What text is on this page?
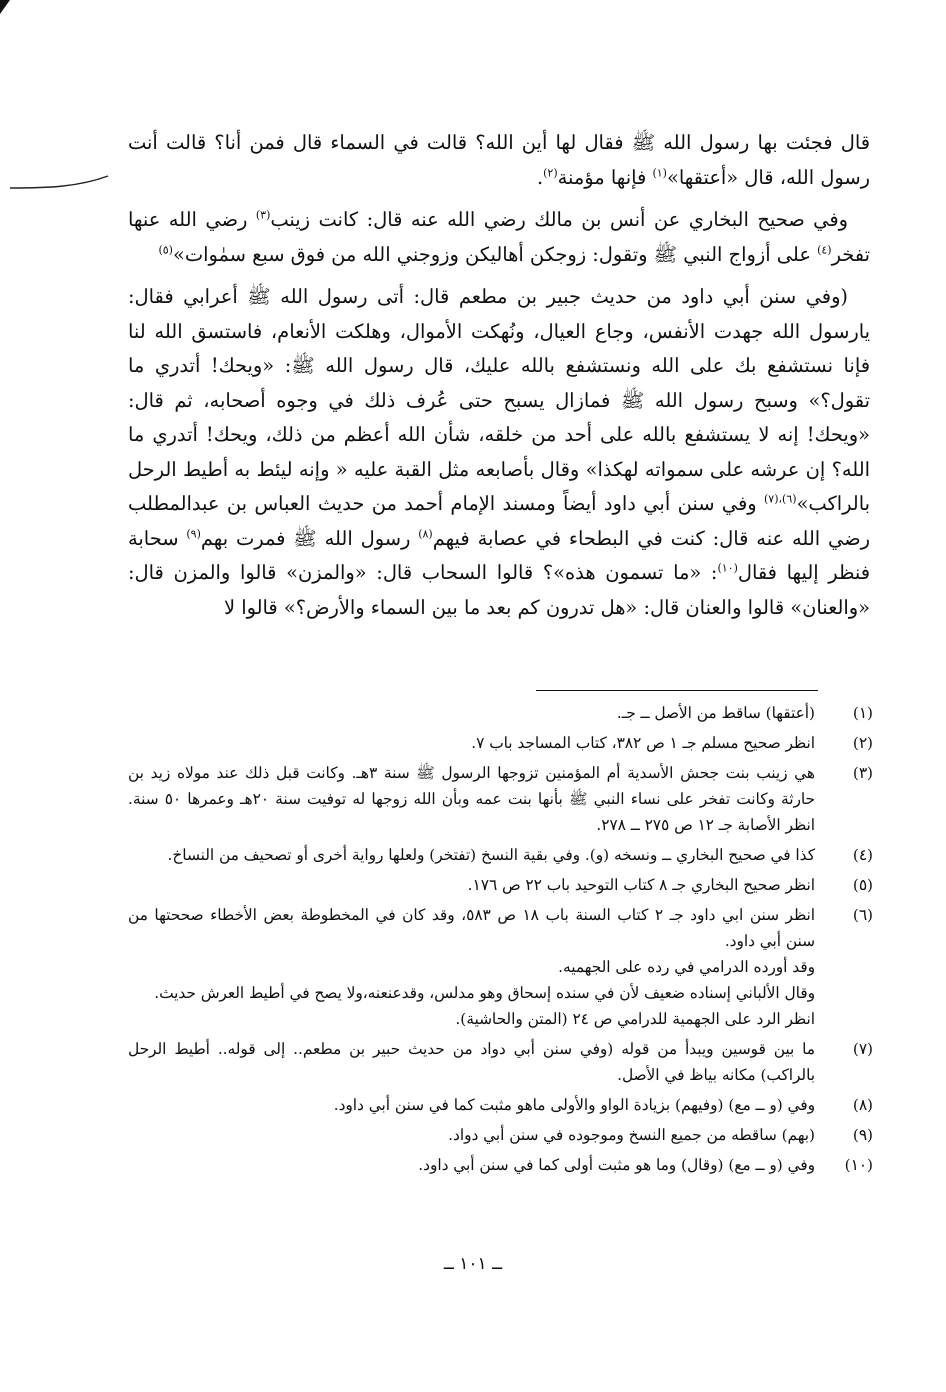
قال فجئت بها رسول الله ﷺ فقال لها أين الله؟ قالت في السماء قال فمن أنا؟ قالت أنت رسول الله، قال «أعتقها»$^{(١)}$ فإنها مؤمنة$^{(٢)}$.

وفي صحيح البخاري عن أنس بن مالك رضي الله عنه قال: كانت زينب$^{(٣)}$ رضي الله عنها تفخر$^{(٤)}$ على أزواج النبي ﷺ وتقول: زوجكن أهاليكن وزوجني الله من فوق سبع سمٰوات»$^{(٥)}$

(وفي سنن أبي داود من حديث جبير بن مطعم قال: أتى رسول الله ﷺ أعرابي فقال: يارسول الله جهدت الأنفس، وجاع العيال، ونُهكت الأموال، وهلكت الأنعام، فاستسق الله لنا فإنا نستشفع بك على الله ونستشفع بالله عليك، قال رسول الله ﷺ: «ويحك! أتدري ما تقول؟» وسبح رسول الله ﷺ فمازال يسبح حتى عُرف ذلك في وجوه أصحابه، ثم قال: «ويحك! إنه لا يستشفع بالله على أحد من خلقه، شأن الله أعظم من ذلك، ويحك! أتدري ما الله؟ إن عرشه على سمواته لهكذا» وقال بأصابعه مثل القبة عليه « وإنه ليئط به أطيط الرحل بالراكب»$^{(٦)،(٧)}$ وفي سنن أبي داود أيضاً ومسند الإمام أحمد من حديث العباس بن عبدالمطلب رضي الله عنه قال: كنت في البطحاء في عصابة فيهم$^{(٨)}$ رسول الله ﷺ فمرت بهم$^{(٩)}$ سحابة فنظر إليها فقال$^{(١٠)}$: «ما تسمون هذه»؟ قالوا السحاب قال: «والمزن» قالوا والمزن قال: «والعنان» قالوا والعنان قال: «هل تدرون كم بعد ما بين السماء والأرض؟» قالوا لا

(١)
(أعتقها) ساقط من الأصل ــ جـ.
(٢)
انظر صحيح مسلم جـ ١ ص ٣٨٢، كتاب المساجد باب ٧.
(٣)
هي زينب بنت جحش الأسدية أم المؤمنين تزوجها الرسول ﷺ سنة ٣هـ. وكانت قبل ذلك عند مولاه زيد بن حارثة وكانت تفخر على نساء النبي ﷺ بأنها بنت عمه وبأن الله زوجها له توفيت سنة ٢٠هـ وعمرها ٥٠ سنة. انظر الأصابة جـ ١٢ ص ٢٧٥ ــ ٢٧٨.
(٤)
كذا في صحيح البخاري ــ ونسخه (و). وفي بقية النسخ (تفتخر) ولعلها رواية أخرى أو تصحيف من النساخ.
(٥)
انظر صحيح البخاري جـ ٨ كتاب التوحيد باب ٢٢ ص ١٧٦.
(٦)
انظر سنن ابي داود جـ ٢ كتاب السنة باب ١٨ ص ٥٨٣، وقد كان في المخطوطة بعض الأخطاء صححتها من سنن أبي داود.
وقد أورده الدرامي في رده على الجهميه.
وقال الألباني إسناده ضعيف لأن في سنده إسحاق وهو مدلس، وقدعنعنه،ولا يصح في أطيط العرش حديث.
انظر الرد على الجهمية للدرامي ص ٢٤ (المتن والحاشية).
(٧)
ما بين قوسين ويبدأ من قوله (وفي سنن أبي دواد من حديث حبير بن مطعم.. إلى قوله.. أطيط الرحل بالراكب) مكانه بياظ في الأصل.
(٨)
وفي (و ــ مع) (وفيهم) بزيادة الواو والأولى ماهو مثبت كما في سنن أبي داود.
(٩)
(بهم) ساقطه من جميع النسخ وموجوده في سنن أبي دواد.
(١٠)
وفي (و ــ مع) (وقال) وما هو مثبت أولى كما في سنن أبي داود.
ــ ١٠١ ــ
